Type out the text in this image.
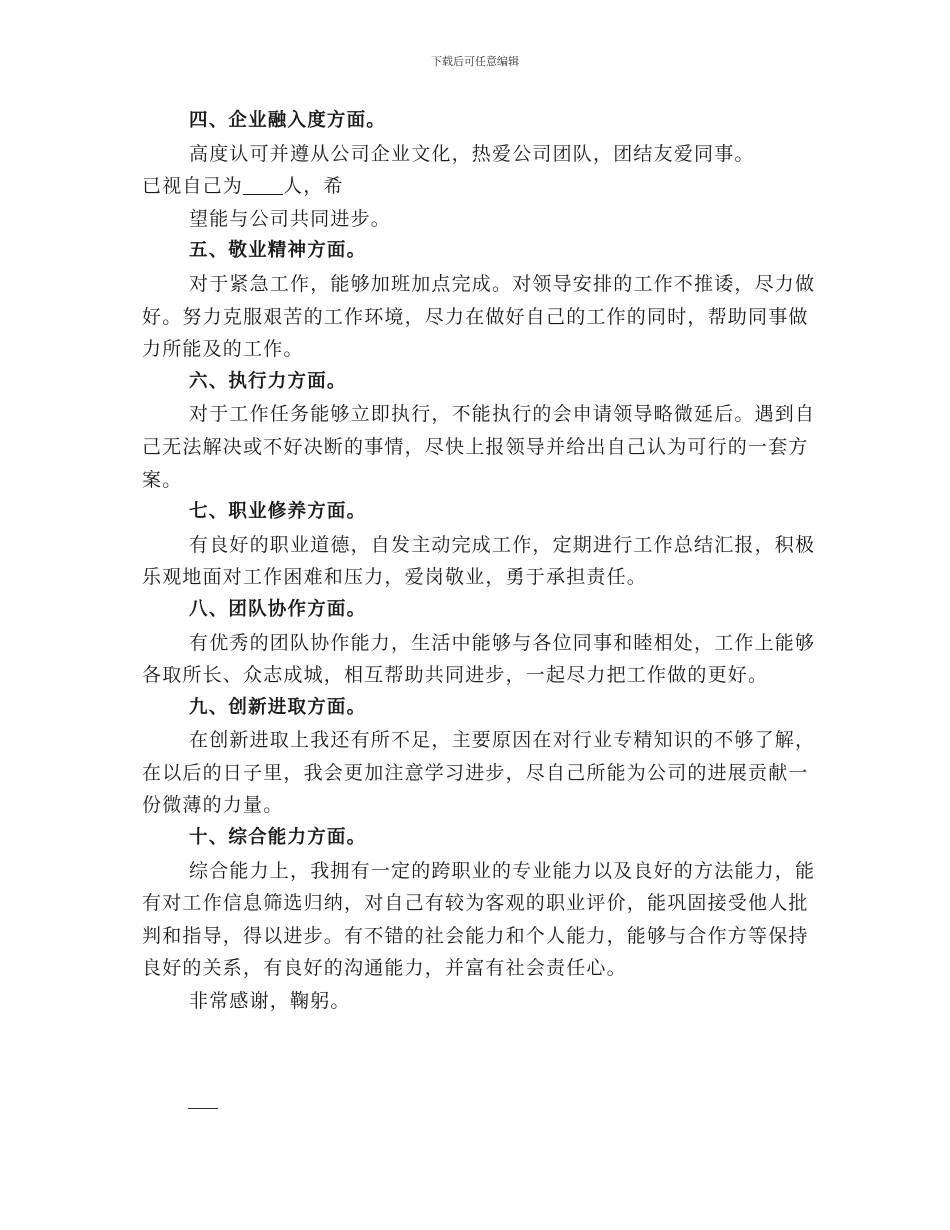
下载后可任意编辑

四、企业融入度方面。

高度认可并遵从公司企业文化，热爱公司团队，团结友爱同事。

已视自己为 人，希

望能与公司共同进步。

五、敬业精神方面。

对于紧急工作，能够加班加点完成。对领导安排的工作不推诿，尽力做好。努力克服艰苦的工作环境，尽力在做好自己的工作的同时，帮助同事做力所能及的工作。

六、执行力方面。

对于工作任务能够立即执行，不能执行的会申请领导略微延后。遇到自己无法解决或不好决断的事情，尽快上报领导并给出自己认为可行的一套方案。

七、职业修养方面。

有良好的职业道德，自发主动完成工作，定期进行工作总结汇报，积极乐观地面对工作困难和压力，爱岗敬业，勇于承担责任。

八、团队协作方面。

有优秀的团队协作能力，生活中能够与各位同事和睦相处，工作上能够各取所长、众志成城，相互帮助共同进步，一起尽力把工作做的更好。

九、创新进取方面。

在创新进取上我还有所不足，主要原因在对行业专精知识的不够了解，在以后的日子里，我会更加注意学习进步，尽自己所能为公司的进展贡献一份微薄的力量。

十、综合能力方面。

综合能力上，我拥有一定的跨职业的专业能力以及良好的方法能力，能有对工作信息筛选归纳，对自己有较为客观的职业评价，能巩固接受他人批判和指导，得以进步。有不错的社会能力和个人能力，能够与合作方等保持良好的关系，有良好的沟通能力，并富有社会责任心。

非常感谢，鞠躬。
